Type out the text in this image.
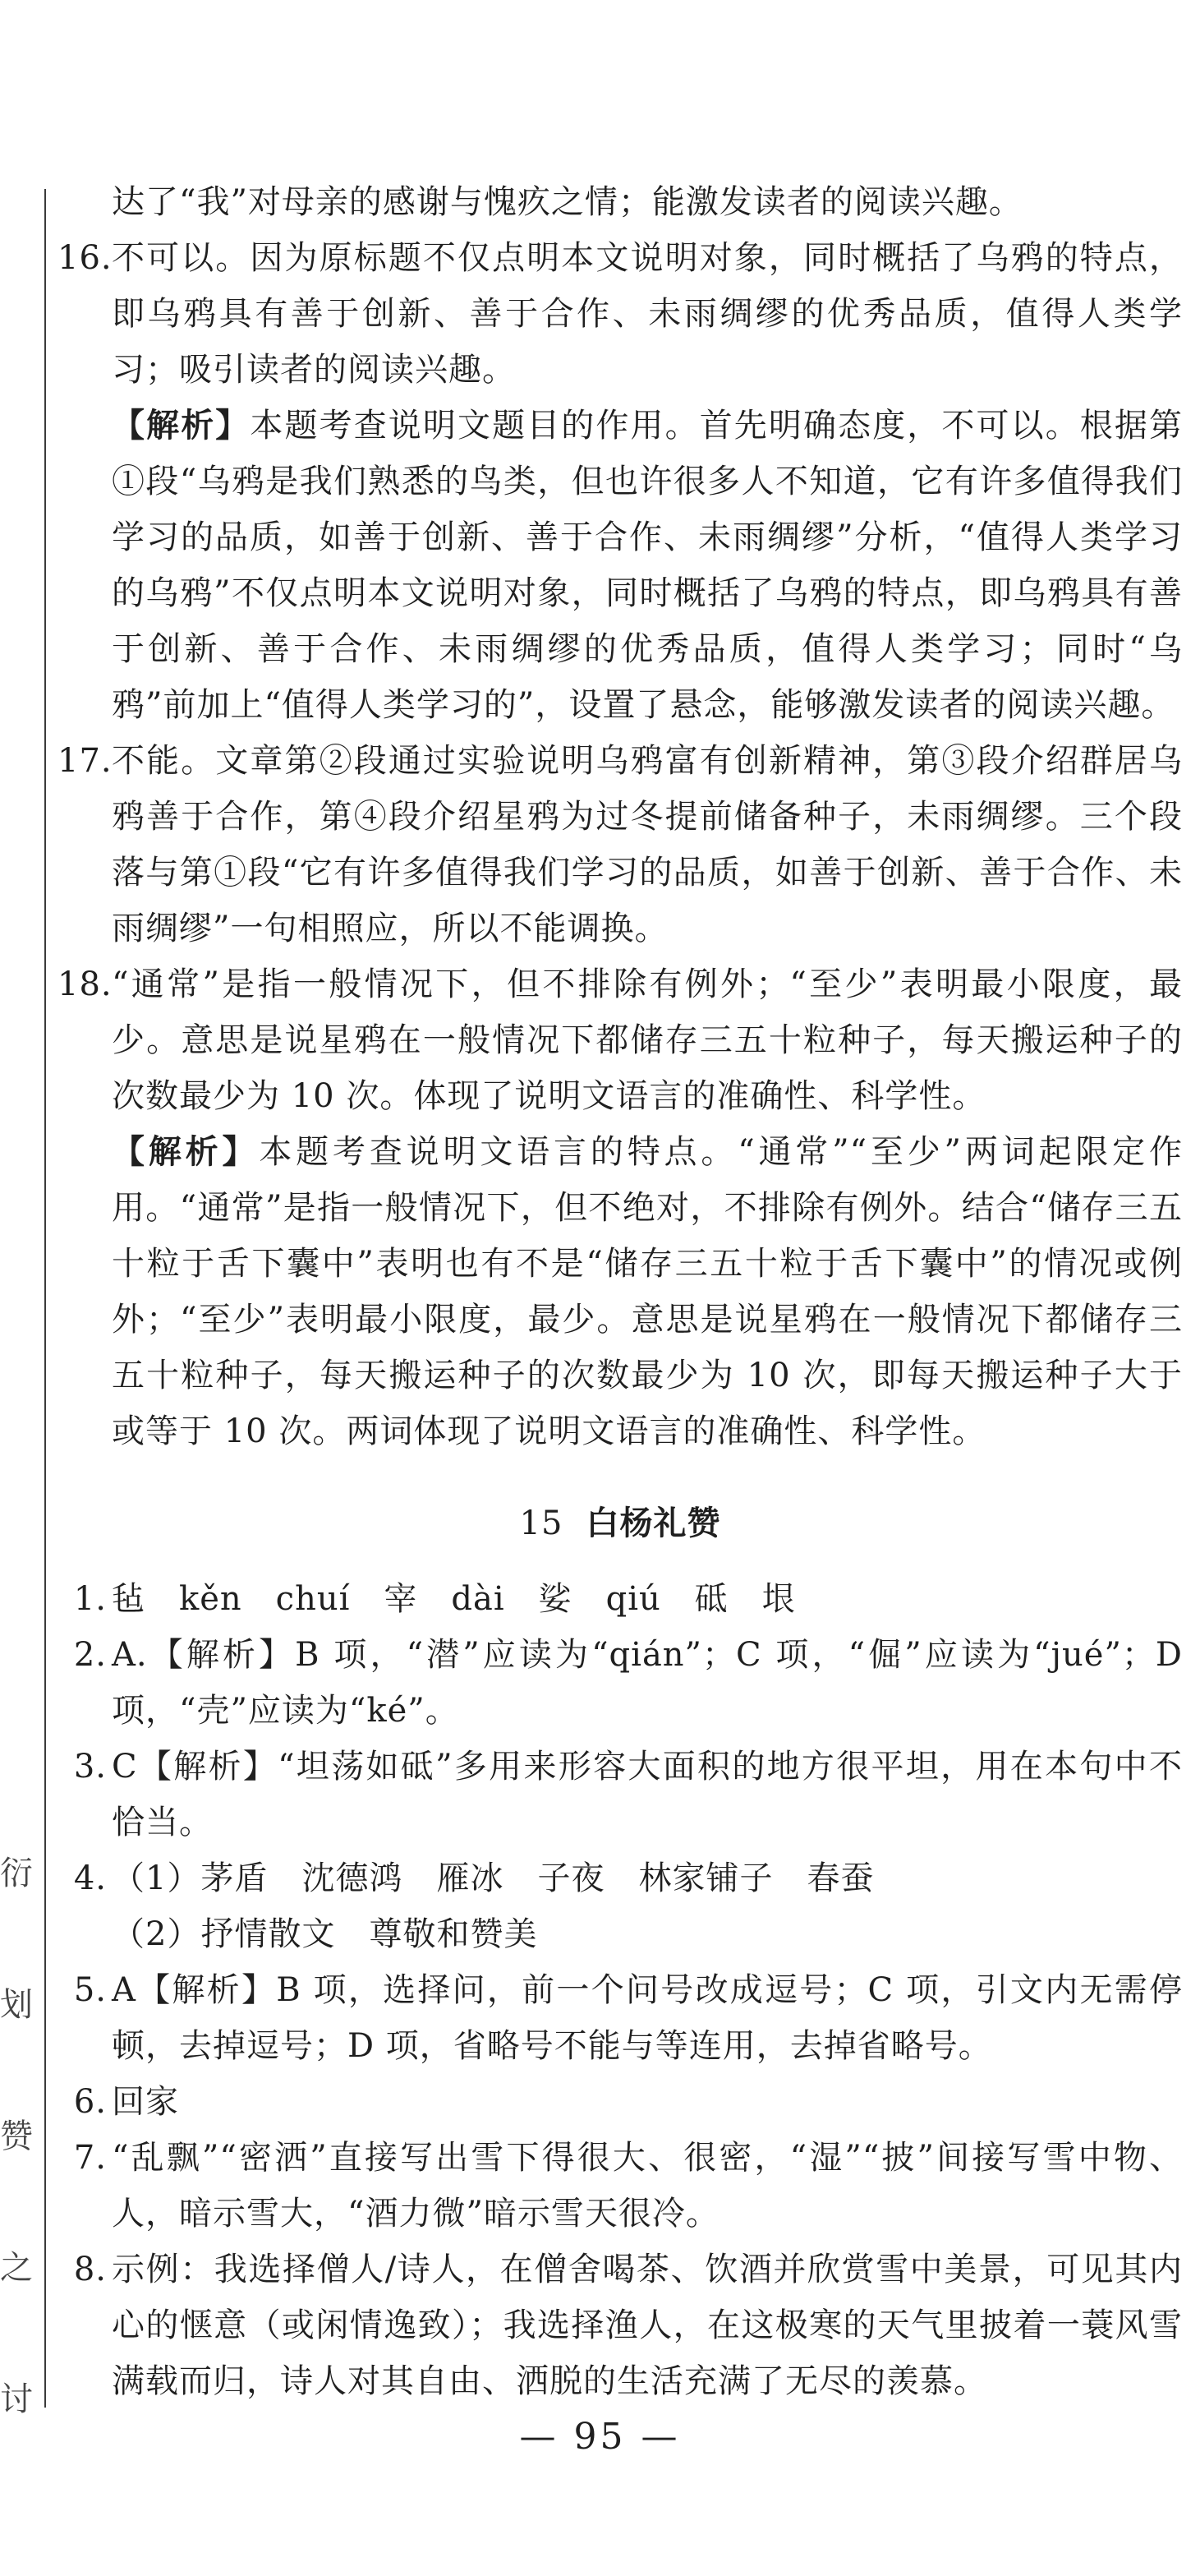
衍
划
赞
之
讨
达了“我”对母亲的感谢与愧疚之情；能激发读者的阅读兴趣。
16. 不可以。因为原标题不仅点明本文说明对象，同时概括了乌鸦的特点，即乌鸦具有善于创新、善于合作、未雨绸缪的优秀品质，值得人类学习；吸引读者的阅读兴趣。
【解析】本题考查说明文题目的作用。首先明确态度，不可以。根据第①段“乌鸦是我们熟悉的鸟类，但也许很多人不知道，它有许多值得我们学习的品质，如善于创新、善于合作、未雨绸缪”分析，“值得人类学习的乌鸦”不仅点明本文说明对象，同时概括了乌鸦的特点，即乌鸦具有善于创新、善于合作、未雨绸缪的优秀品质，值得人类学习；同时“乌鸦”前加上“值得人类学习的”，设置了悬念，能够激发读者的阅读兴趣。
17. 不能。文章第②段通过实验说明乌鸦富有创新精神，第③段介绍群居乌鸦善于合作，第④段介绍星鸦为过冬提前储备种子，未雨绸缪。三个段落与第①段“它有许多值得我们学习的品质，如善于创新、善于合作、未雨绸缪”一句相照应，所以不能调换。
18. “通常”是指一般情况下，但不排除有例外；“至少”表明最小限度，最少。意思是说星鸦在一般情况下都储存三五十粒种子，每天搬运种子的次数最少为 10 次。体现了说明文语言的准确性、科学性。
【解析】本题考查说明文语言的特点。“通常”“至少”两词起限定作用。“通常”是指一般情况下，但不绝对，不排除有例外。结合“储存三五十粒于舌下囊中”表明也有不是“储存三五十粒于舌下囊中”的情况或例外；“至少”表明最小限度，最少。意思是说星鸦在一般情况下都储存三五十粒种子，每天搬运种子的次数最少为 10 次，即每天搬运种子大于或等于 10 次。两词体现了说明文语言的准确性、科学性。
15 白杨礼赞
1. 毡　kěn　chuí　宰　dài　娑　qiú　砥　垠
2. A.【解析】B 项，“潜”应读为“qián”；C 项，“倔”应读为“jué”；D 项，“壳”应读为“ké”。
3. C【解析】“坦荡如砥”多用来形容大面积的地方很平坦，用在本句中不恰当。
4. （1）茅盾　沈德鸿　雁冰　子夜　林家铺子　春蚕
（2）抒情散文　尊敬和赞美
5. A【解析】B 项，选择问，前一个问号改成逗号；C 项，引文内无需停顿，去掉逗号；D 项，省略号不能与等连用，去掉省略号。
6. 回家
7. “乱飘”“密洒”直接写出雪下得很大、很密，“湿”“披”间接写雪中物、人，暗示雪大，“酒力微”暗示雪天很冷。
8. 示例：我选择僧人/诗人，在僧舍喝茶、饮酒并欣赏雪中美景，可见其内心的惬意（或闲情逸致）；我选择渔人，在这极寒的天气里披着一蓑风雪满载而归，诗人对其自由、洒脱的生活充满了无尽的羡慕。
— 95 —
